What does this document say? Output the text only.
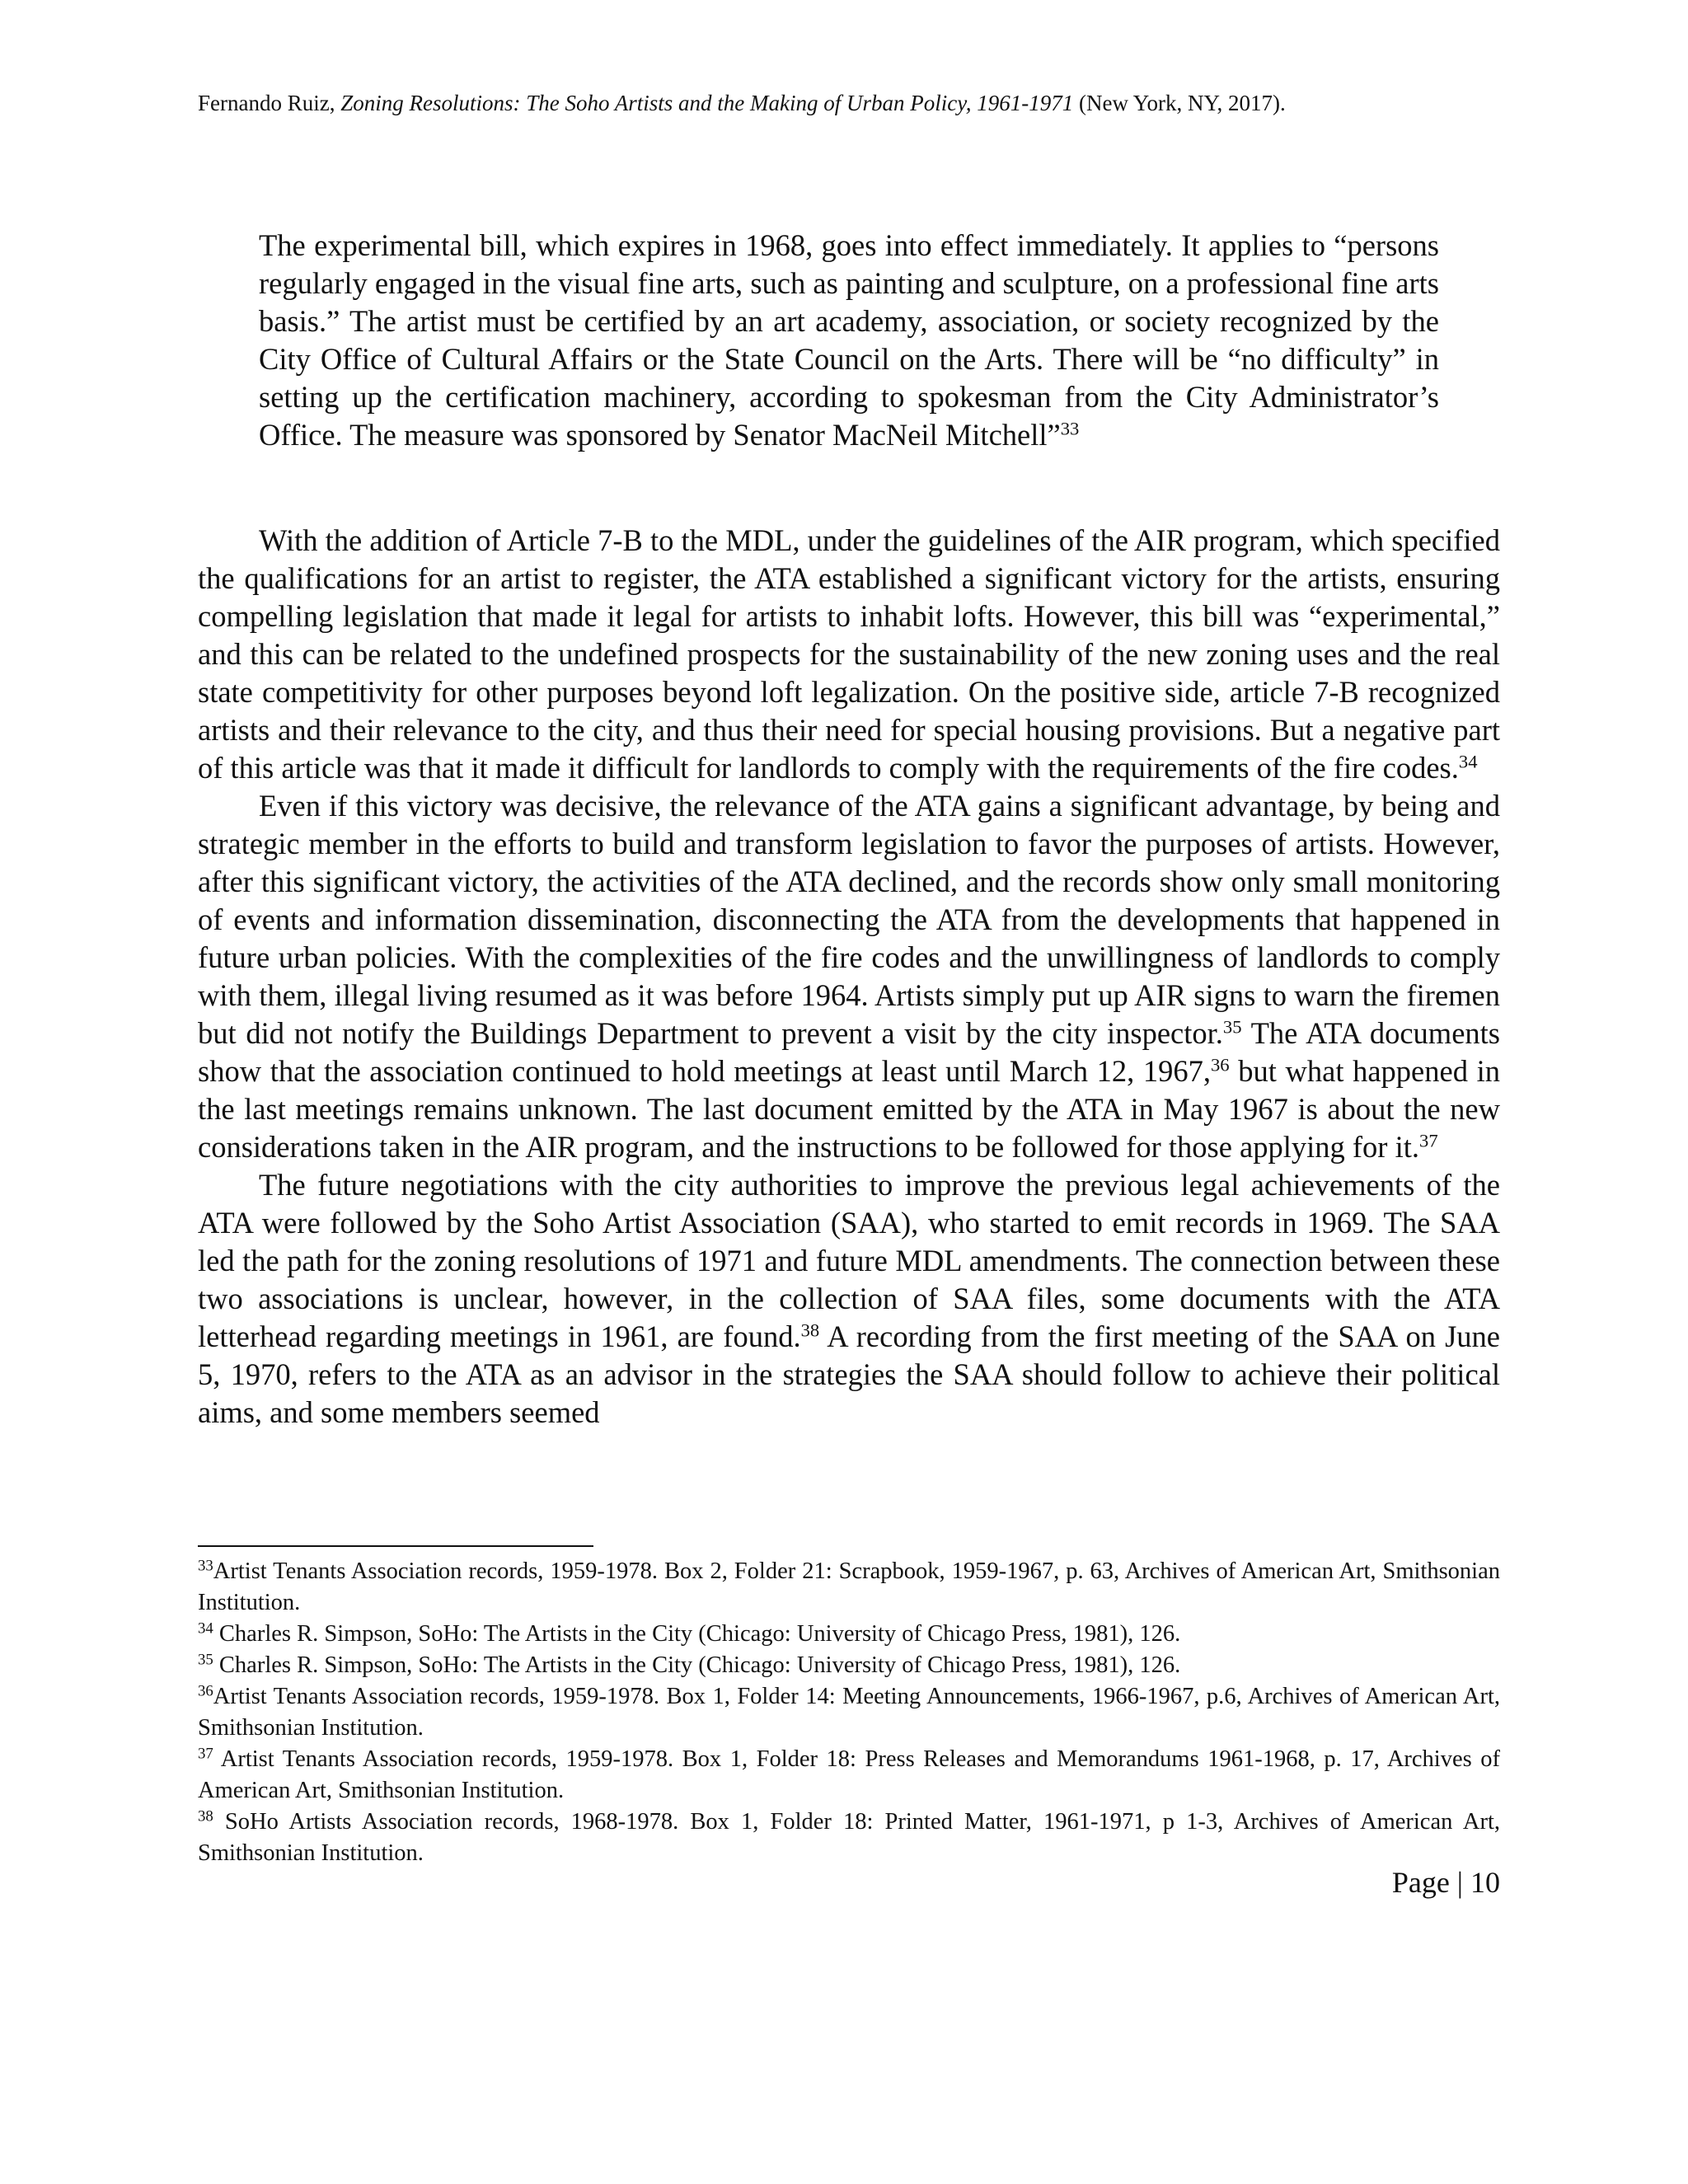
Fernando Ruiz, Zoning Resolutions: The Soho Artists and the Making of Urban Policy, 1961-1971 (New York, NY, 2017).

The experimental bill, which expires in 1968, goes into effect immediately. It applies to “persons regularly engaged in the visual fine arts, such as painting and sculpture, on a professional fine arts basis.” The artist must be certified by an art academy, association, or society recognized by the City Office of Cultural Affairs or the State Council on the Arts. There will be “no difficulty” in setting up the certification machinery, according to spokesman from the City Administrator’s Office. The measure was sponsored by Senator MacNeil Mitchell”$^{33}$

With the addition of Article 7-B to the MDL, under the guidelines of the AIR program, which specified the qualifications for an artist to register, the ATA established a significant victory for the artists, ensuring compelling legislation that made it legal for artists to inhabit lofts. However, this bill was “experimental,” and this can be related to the undefined prospects for the sustainability of the new zoning uses and the real state competitivity for other purposes beyond loft legalization. On the positive side, article 7-B recognized artists and their relevance to the city, and thus their need for special housing provisions. But a negative part of this article was that it made it difficult for landlords to comply with the requirements of the fire codes.$^{34}$

Even if this victory was decisive, the relevance of the ATA gains a significant advantage, by being and strategic member in the efforts to build and transform legislation to favor the purposes of artists. However, after this significant victory, the activities of the ATA declined, and the records show only small monitoring of events and information dissemination, disconnecting the ATA from the developments that happened in future urban policies. With the complexities of the fire codes and the unwillingness of landlords to comply with them, illegal living resumed as it was before 1964. Artists simply put up AIR signs to warn the firemen but did not notify the Buildings Department to prevent a visit by the city inspector.$^{35}$ The ATA documents show that the association continued to hold meetings at least until March 12, 1967,36 but what happened in the last meetings remains unknown. The last document emitted by the ATA in May 1967 is about the new considerations taken in the AIR program, and the instructions to be followed for those applying for it.$^{37}$

The future negotiations with the city authorities to improve the previous legal achievements of the ATA were followed by the Soho Artist Association (SAA), who started to emit records in 1969. The SAA led the path for the zoning resolutions of 1971 and future MDL amendments. The connection between these two associations is unclear, however, in the collection of SAA files, some documents with the ATA letterhead regarding meetings in 1961, are found.$^{38}$ A recording from the first meeting of the SAA on June 5, 1970, refers to the ATA as an advisor in the strategies the SAA should follow to achieve their political aims, and some members seemed

$^{33}$Artist Tenants Association records, 1959-1978. Box 2, Folder 21: Scrapbook, 1959-1967, p. 63, Archives of American Art, Smithsonian Institution.

$^{34}$ Charles R. Simpson, SoHo: The Artists in the City (Chicago: University of Chicago Press, 1981), 126.

$^{35}$ Charles R. Simpson, SoHo: The Artists in the City (Chicago: University of Chicago Press, 1981), 126.

$^{36}$Artist Tenants Association records, 1959-1978. Box 1, Folder 14: Meeting Announcements, 1966-1967, p.6, Archives of American Art, Smithsonian Institution.

$^{37}$ Artist Tenants Association records, 1959-1978. Box 1, Folder 18: Press Releases and Memorandums 1961-1968, p. 17, Archives of American Art, Smithsonian Institution.

$^{38}$ SoHo Artists Association records, 1968-1978. Box 1, Folder 18: Printed Matter, 1961-1971, p 1-3, Archives of American Art, Smithsonian Institution.

Page | 10
